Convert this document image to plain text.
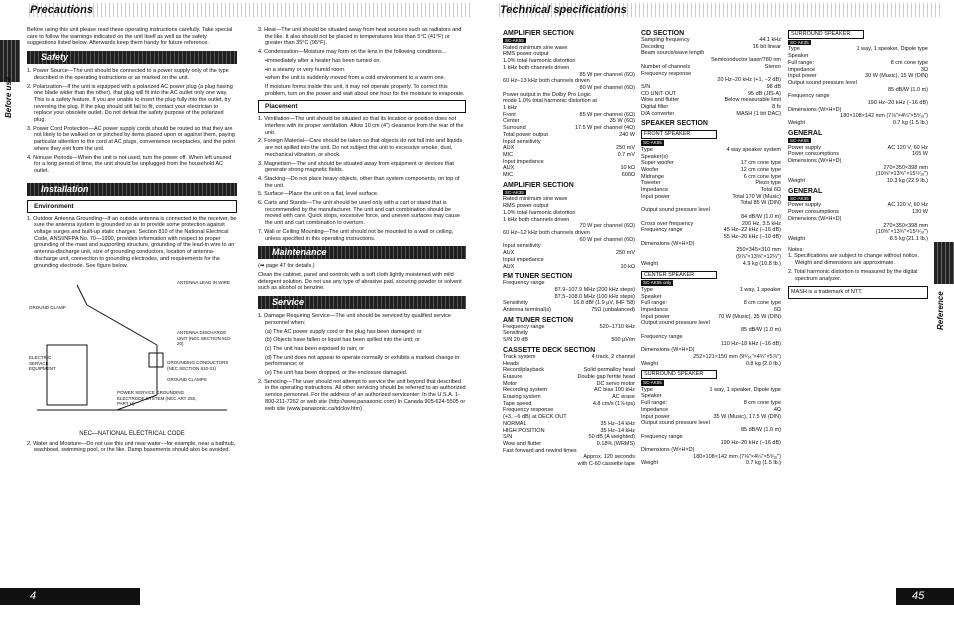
Precautions	Technical specifications
Before use
Reference

Before using this unit please read these operating instructions carefully. Take special care to follow the warnings indicated on the unit itself as well as the safety suggestions listed below. Afterwards keep them handy for future reference.

Safety

1. Power Source—The unit should be connected to a power supply only of the type described in the operating instructions or as marked on the unit.

2. Polarization—If the unit is equipped with a polarized AC power plug (a plug having one blade wider than the other), that plug will fit into the AC outlet only one way. This is a safety feature. If you are unable to insert the plug fully into the outlet, try reversing the plug. If the plug should still fail to fit, contact your electrician to replace your obsolete outlet. Do not defeat the safety purpose of the polarized plug.

3. Power Cord Protection—AC power supply cords should be routed so that they are not likely to be walked on or pinched by items placed upon or against them, paying particular attention to the cord at AC plugs, convenience receptacles, and the point where they exit from the unit.

4. Nonuse Periods—When the unit is not used, turn the power off. When left unused for a long period of time, the unit should be unplugged from the household AC outlet.

Installation
Environment

1. Outdoor Antenna Grounding—If an outside antenna is connected to the receiver, be sure the antenna system is grounded so as to provide some protection against voltage surges and built-up static charges. Section 810 of the National Electrical Code, ANSI/NFPA No. 70—1990, provides information with respect to proper grounding of the mast and supporting structure, grounding of the lead-in wire to an antenna-discharge unit, size of grounding conductors, location of antenna-discharge unit, connection to grounding electrodes, and requirements for the grounding electrode. See figure below.

ANTENNA LEAD IN WIRE
GROUND CLAMP
ANTENNA DISCHARGE UNIT (NEC SECTION 810-20)
ELECTRIC SERVICE EQUIPMENT
GROUNDING CONDUCTORS (NEC SECTION 810-21)
GROUND CLAMPS
POWER SERVICE GROUNDING ELECTRODE SYSTEM (NEC ART 250, PART H)

NEC—NATIONAL ELECTRICAL CODE

2. Water and Moisture—Do not use this unit near water—for example, near a bathtub, washbowl, swimming pool, or the like. Damp basements should also be avoided.

3. Heat—The unit should be situated away from heat sources such as radiators and the like. It also should not be placed in temperatures less than 5°C (41°F) or greater than 35°C (95°F).

4. Condensation—Moisture may form on the lens in the following conditions...

•immediately after a heater has been turned on.

•in a steamy or very humid room.

•when the unit is suddenly moved from a cold environment to a warm one.

If moisture forms inside this unit, it may not operate properly. To correct this problem, turn on the power and wait about one hour for the moisture to evaporate.

Placement

1. Ventilation—The unit should be situated so that its location or position does not interfere with its proper ventilation. Allow 10 cm (4") clearance from the rear of the unit.

2. Foreign Material—Care should be taken so that objects do not fall into and liquids are not spilled into the unit. Do not subject this unit to excessive smoke, dust, mechanical vibration, or shock.

3. Magnetism—The unit should be situated away from equipment or devices that generate strong magnetic fields.

4. Stacking—Do not place heavy objects, other than system components, on top of the unit.

5. Surface—Place the unit on a flat, level surface.

6. Carts and Stands—The unit should be used only with a cart or stand that is recommended by the manufacturer. The unit and cart combination should be moved with care. Quick stops, excessive force, and uneven surfaces may cause the unit and cart combination to overturn.

7. Wall or Ceiling Mounting—The unit should not be mounted to a wall or ceiling, unless specified in this operating instructions.

Maintenance

(➡ page 47 for details.)

Clean the cabinet, panel and controls with a soft cloth lightly moistened with mild detergent solution. Do not use any type of abrasive pad, scouring powder or solvent such as alcohol or benzine.

Service

1. Damage Requiring Service—The unit should be serviced by qualified service personnel when:

(a) The AC power supply cord or the plug has been damaged; or

(b) Objects have fallen or liquid has been spilled into the unit; or

(c) The unit has been exposed to rain; or

(d) The unit does not appear to operate normally or exhibits a marked change in performance; or

(e) The unit has been dropped, or the enclosure damaged.

2. Servicing—The user should not attempt to service the unit beyond that described in the operating instructions. All other servicing should be referred to an authorized service personnel. For the address of an authorized servicenter: In the U.S.A. 1-800-211-7262 or web site (http://www.panasonic.com) In Canada 905-624-5505 or web site (www.panasonic.ca/tdckw.htm)

AMPLIFIER SECTION
SC-AK55
Rated minimum sine wave
RMS power output
1.0% total harmonic distortion
1 kHz both channels driven
85 W per channel (6Ω)
60 Hz–13 kHz both channels driven
80 W per channel (6Ω)
Power output in the Dolby Pro Logic
mode 1.0% total harmonic distortion at
1 kHz
Front	85 W per channel (6Ω)
Center	35 W (6Ω)
Surround	17.5 W per channel (4Ω)
Total power output	240 W
Input sensitivity
AUX	250 mV
MIC	0.7 mV
Input impedance
AUX	10 kΩ
MIC	600Ω
AMPLIFIER SECTION
SC-AK35
Rated minimum sine wave
RMS power output
1.0% total harmonic distortion
1 kHz both channels driven
70 W per channel (6Ω)
60 Hz–12 kHz both channels driven
60 W per channel (6Ω)
Input sensitivity
AUX	250 mV
Input impedance
AUX	10 kΩ
FM TUNER SECTION
Frequency range
87.9–107.9 MHz (200 kHz steps)
87.5–108.0 MHz (100 kHz steps)
Sensitivity	16.8 dBf (1.9 μV, IHF '58)
Antenna terminal(s)	75Ω (unbalanced)
AM TUNER SECTION
Frequency range	520–1710 kHz
Sensitivity
S/N 20 dB	500 μV/m
CASSETTE DECK SECTION
Track system	4 track, 2 channel
Heads
Record/playback	Solid permalloy head
Erasure	Double gap ferrite head
Motor	DC servo motor
Recording system	AC bias 100 kHz
Erasing system	AC erase
Tape speed	4.8 cm/s (1⅞ ips)
Frequency response
(+3, −6 dB) at DECK OUT
NORMAL	35 Hz–14 kHz
HIGH POSITION	35 Hz–14 kHz
S/N	50 dB (A weighted)
Wow and flutter	0.18% (WRMS)
Fast forward and rewind times
Approx. 120 seconds
with C-60 cassette tape
CD SECTION
Sampling frequency	44.1 kHz
Decoding	16 bit linear
Beam source/wave length
Semiconductor laser/780 nm
Number of channels	Stereo
Frequency response
20 Hz–20 kHz (+1, −2 dB)
S/N	98 dB
CD UNIT OUT	95 dB (JIS-A)
Wow and flutter	Below measurable limit
Digital filter	8 fs
D/A converter	MASH (1 bit DAC)
SPEAKER SECTION
FRONT SPEAKER
SC-AK55
Type	4 way speaker system
Speaker(s)
Super woofer	17 cm cone type
Woofer	12 cm cone type
Midrange	6 cm cone type
Tweeter	Piezo type
Impedance	Total 6Ω
Input power	Total 170 W (Music)
Total 85 W (DIN)
Output sound pressure level
84 dB/W (1.0 m)
Cross over frequency	200 Hz, 3.5 kHz
Frequency range	45 Hz–22 kHz (−16 dB)
55 Hz–20 kHz (−10 dB)
Dimensions (W×H×D)
250×345×310 mm
(9⅞"×13⅝"×12¼")
Weight	4.9 kg (10.8 lb.)
CENTER SPEAKER
SC-AK55 only
Type	1 way, 1 speaker
Speaker
Full range:	8 cm cone type
Impedance	6Ω
Input power	70 W (Music), 35 W (DIN)
Output sound pressure level
85 dB/W (1.0 m)
Frequency range
110 Hz–18 kHz (−16 dB)
Dimensions (W×H×D)
252×121×150 mm (9⁹⁄₁₆"×4¾"×5⅞")
Weight	0.8 kg (2.0 lb.)
SURROUND SPEAKER
SC-AK55
Type	1 way, 1 speaker, Dipole type
Speaker
Full range:	8 cm cone type
Impedance	4Ω
Input power	35 W (Music), 17.5 W (DIN)
Output sound pressure level
85 dB/W (1.0 m)
Frequency range
190 Hz–20 kHz (−16 dB)
Dimensions (W×H×D)
180×108×142 mm (7⅛"×4¼"×5⁹⁄₁₆")
Weight	0.7 kg (1.5 lb.)
SURROUND SPEAKER
SC-AK35
Type	1 way, 1 speaker, Dipole type
Speaker
Full range:	8 cm cone type
Impedance	3Ω
Input power	30 W (Music), 15 W (DIN)
Output sound pressure level
85 dB/W (1.0 m)
Frequency range
190 Hz–20 kHz (−16 dB)
Dimensions (W×H×D)
180×108×142 mm (7⅛"×4¼"×5⁹⁄₁₆")
Weight	0.7 kg (1.5 lb.)
GENERAL
SC-AK55
Power supply	AC 120 V, 60 Hz
Power consumptions	165 W
Dimensions (W×H×D)
270×350×398 mm
(10⅝"×13¾"×15¹¹⁄₁₆")
Weight	10.3 kg (22.9 lb.)
GENERAL
SC-AK35
Power supply	AC 120 V, 60 Hz
Power consumptions	130 W
Dimensions (W×H×D)
270×350×398 mm
(10⅝"×13¾"×15¹¹⁄₁₆")
Weight	8.5 kg (21.1 lb.)
Notes:

1. Specifications are subject to change without notice. Weight and dimensions are approximate.

2. Total harmonic distortion is measured by the digital spectrum analyzer.

MASH is a trademark of NTT.
4	45
